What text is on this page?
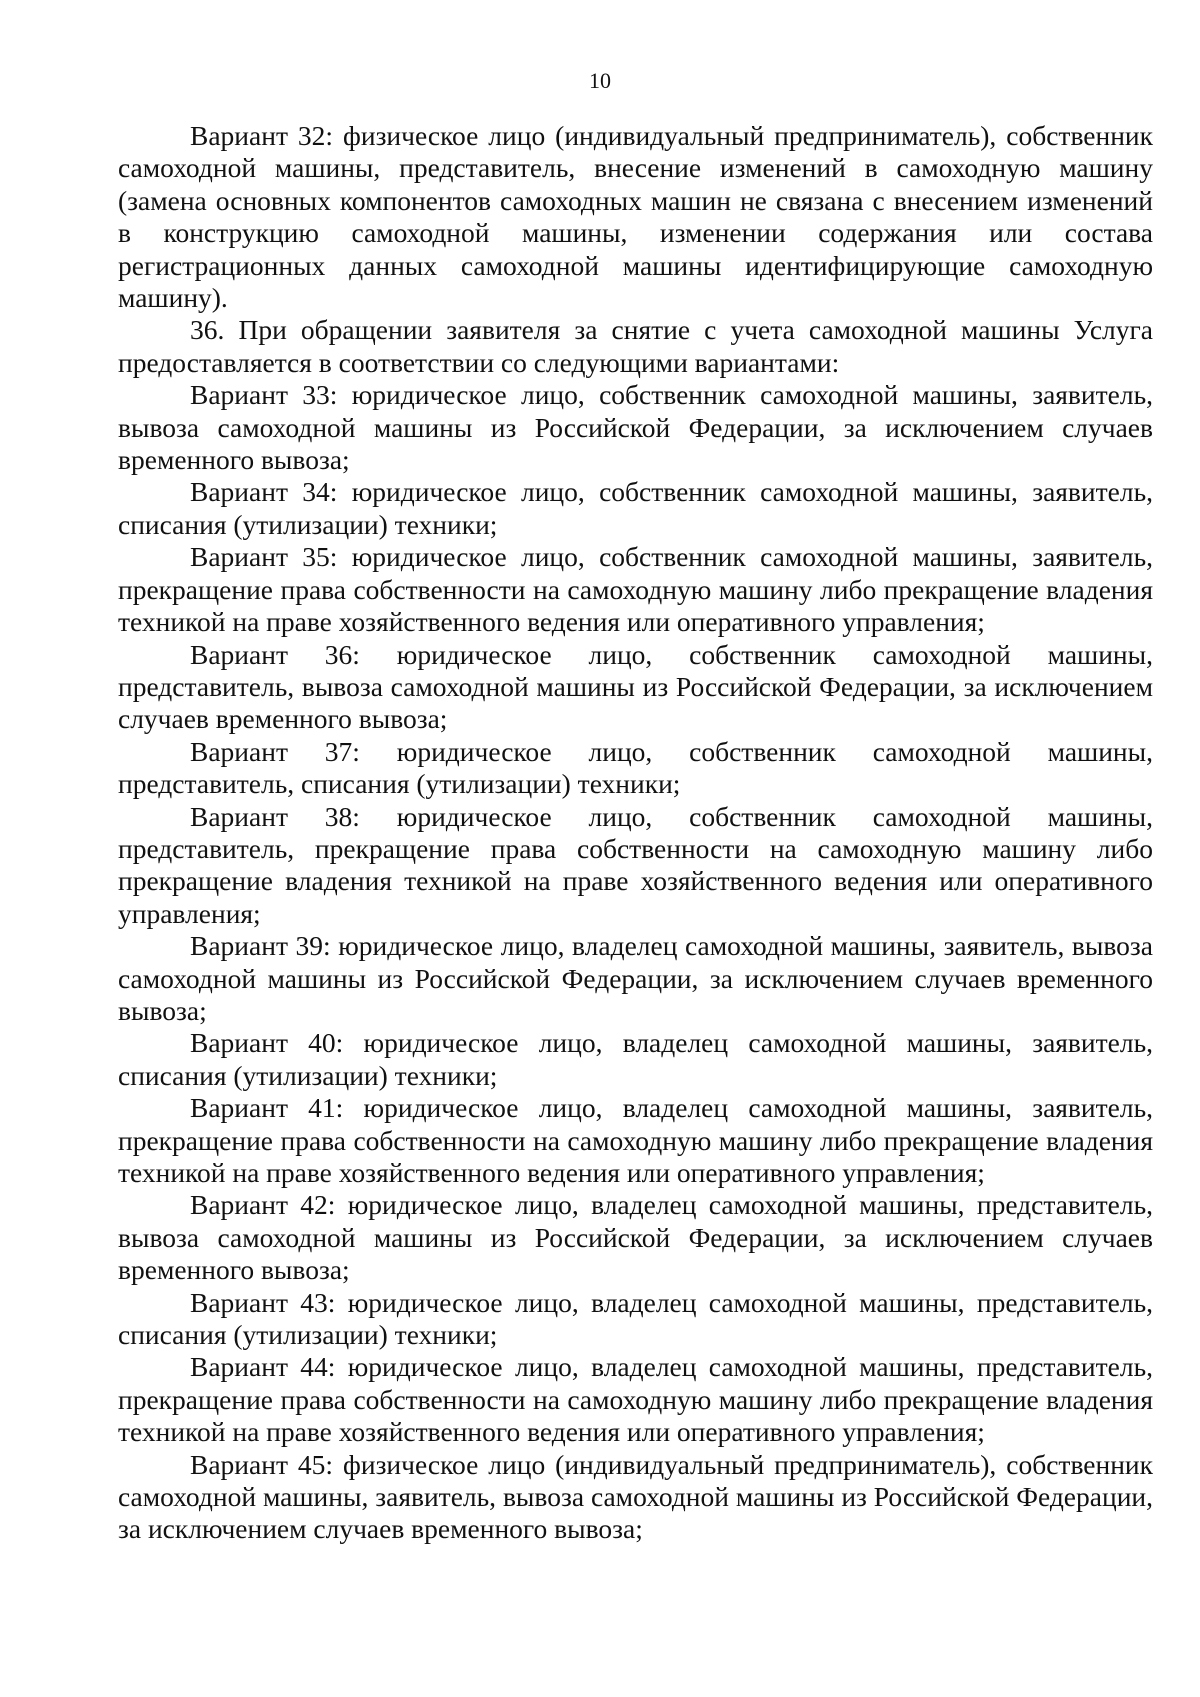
10

Вариант 32: физическое лицо (индивидуальный предприниматель), собственник самоходной машины, представитель, внесение изменений в самоходную машину (замена основных компонентов самоходных машин не связана с внесением изменений в конструкцию самоходной машины, изменении содержания или состава регистрационных данных самоходной машины идентифицирующие самоходную машину).

36. При обращении заявителя за снятие с учета самоходной машины Услуга предоставляется в соответствии со следующими вариантами:

Вариант 33: юридическое лицо, собственник самоходной машины, заявитель, вывоза самоходной машины из Российской Федерации, за исключением случаев временного вывоза;

Вариант 34: юридическое лицо, собственник самоходной машины, заявитель, списания (утилизации) техники;

Вариант 35: юридическое лицо, собственник самоходной машины, заявитель, прекращение права собственности на самоходную машину либо прекращение владения техникой на праве хозяйственного ведения или оперативного управления;

Вариант 36: юридическое лицо, собственник самоходной машины, представитель, вывоза самоходной машины из Российской Федерации, за исключением случаев временного вывоза;

Вариант 37: юридическое лицо, собственник самоходной машины, представитель, списания (утилизации) техники;

Вариант 38: юридическое лицо, собственник самоходной машины, представитель, прекращение права собственности на самоходную машину либо прекращение владения техникой на праве хозяйственного ведения или оперативного управления;

Вариант 39: юридическое лицо, владелец самоходной машины, заявитель, вывоза самоходной машины из Российской Федерации, за исключением случаев временного вывоза;

Вариант 40: юридическое лицо, владелец самоходной машины, заявитель, списания (утилизации) техники;

Вариант 41: юридическое лицо, владелец самоходной машины, заявитель, прекращение права собственности на самоходную машину либо прекращение владения техникой на праве хозяйственного ведения или оперативного управления;

Вариант 42: юридическое лицо, владелец самоходной машины, представитель, вывоза самоходной машины из Российской Федерации, за исключением случаев временного вывоза;

Вариант 43: юридическое лицо, владелец самоходной машины, представитель, списания (утилизации) техники;

Вариант 44: юридическое лицо, владелец самоходной машины, представитель, прекращение права собственности на самоходную машину либо прекращение владения техникой на праве хозяйственного ведения или оперативного управления;

Вариант 45: физическое лицо (индивидуальный предприниматель), собственник самоходной машины, заявитель, вывоза самоходной машины из Российской Федерации, за исключением случаев временного вывоза;
